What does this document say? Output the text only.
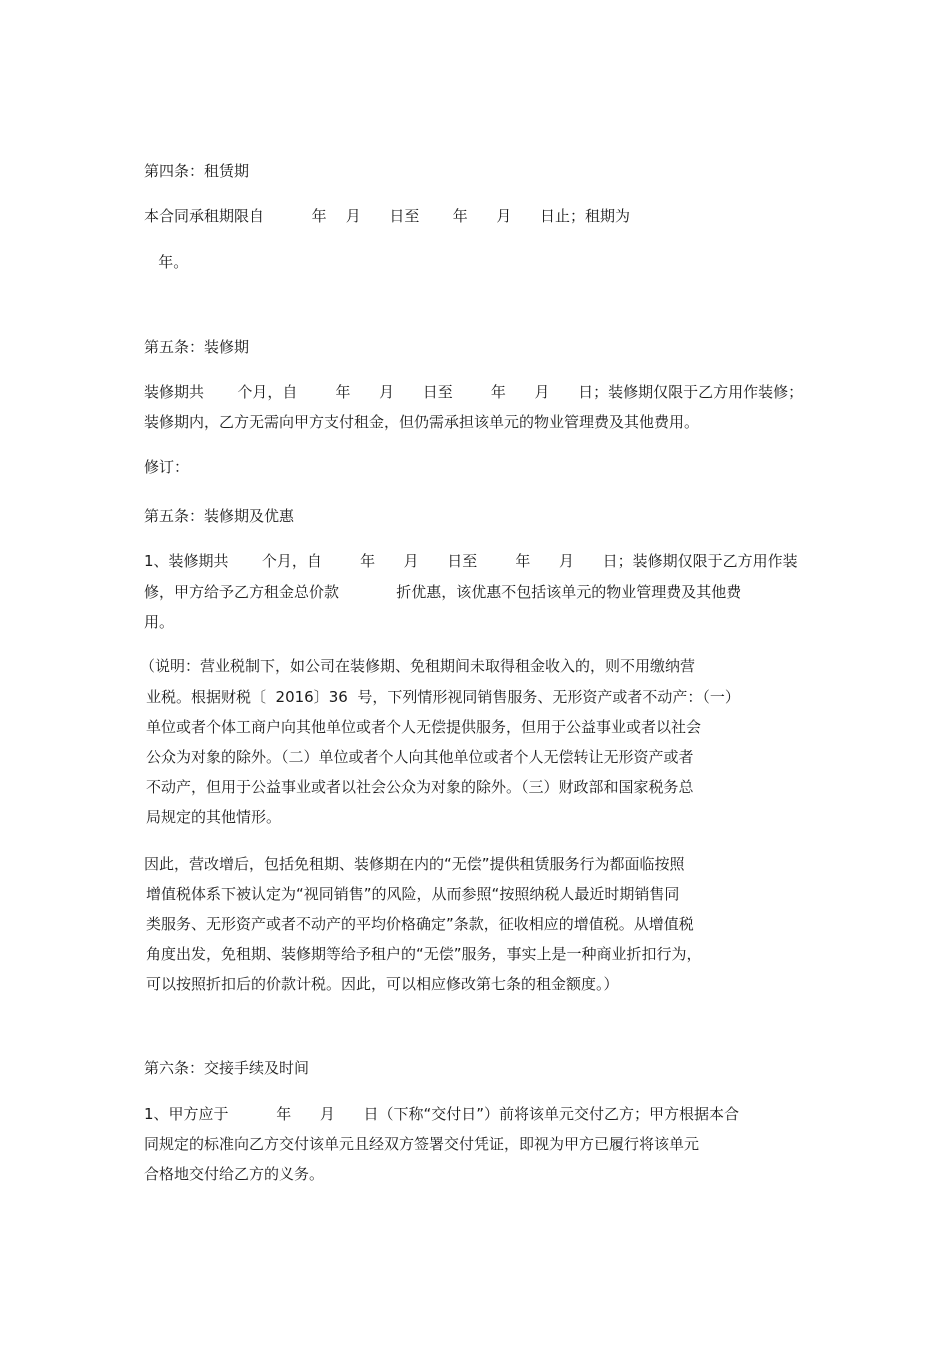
第四条：租赁期
本合同承租期限自          年    月      日至       年      月      日止；租期为
年。
第五条：装修期
装修期共       个月，自        年      月      日至        年      月      日；装修期仅限于乙方用作装修；
装修期内，乙方无需向甲方支付租金，但仍需承担该单元的物业管理费及其他费用。
修订：
第五条：装修期及优惠
1、装修期共       个月，自        年      月      日至        年      月      日；装修期仅限于乙方用作装
修，甲方给予乙方租金总价款            折优惠，该优惠不包括该单元的物业管理费及其他费
用。
（说明：营业税制下，如公司在装修期、免租期间未取得租金收入的，则不用缴纳营
业税。根据财税〔  2016〕36  号，下列情形视同销售服务、无形资产或者不动产：（一）
单位或者个体工商户向其他单位或者个人无偿提供服务，但用于公益事业或者以社会
公众为对象的除外。（二）单位或者个人向其他单位或者个人无偿转让无形资产或者
不动产，但用于公益事业或者以社会公众为对象的除外。（三）财政部和国家税务总
局规定的其他情形。
因此，营改增后，包括免租期、装修期在内的“无偿”提供租赁服务行为都面临按照
增值税体系下被认定为“视同销售”的风险，从而参照“按照纳税人最近时期销售同
类服务、无形资产或者不动产的平均价格确定”条款，征收相应的增值税。从增值税
角度出发，免租期、装修期等给予租户的“无偿”服务，事实上是一种商业折扣行为，
可以按照折扣后的价款计税。因此，可以相应修改第七条的租金额度。）
第六条：交接手续及时间
1、甲方应于          年      月      日（下称“交付日”）前将该单元交付乙方；甲方根据本合
同规定的标准向乙方交付该单元且经双方签署交付凭证，即视为甲方已履行将该单元
合格地交付给乙方的义务。
